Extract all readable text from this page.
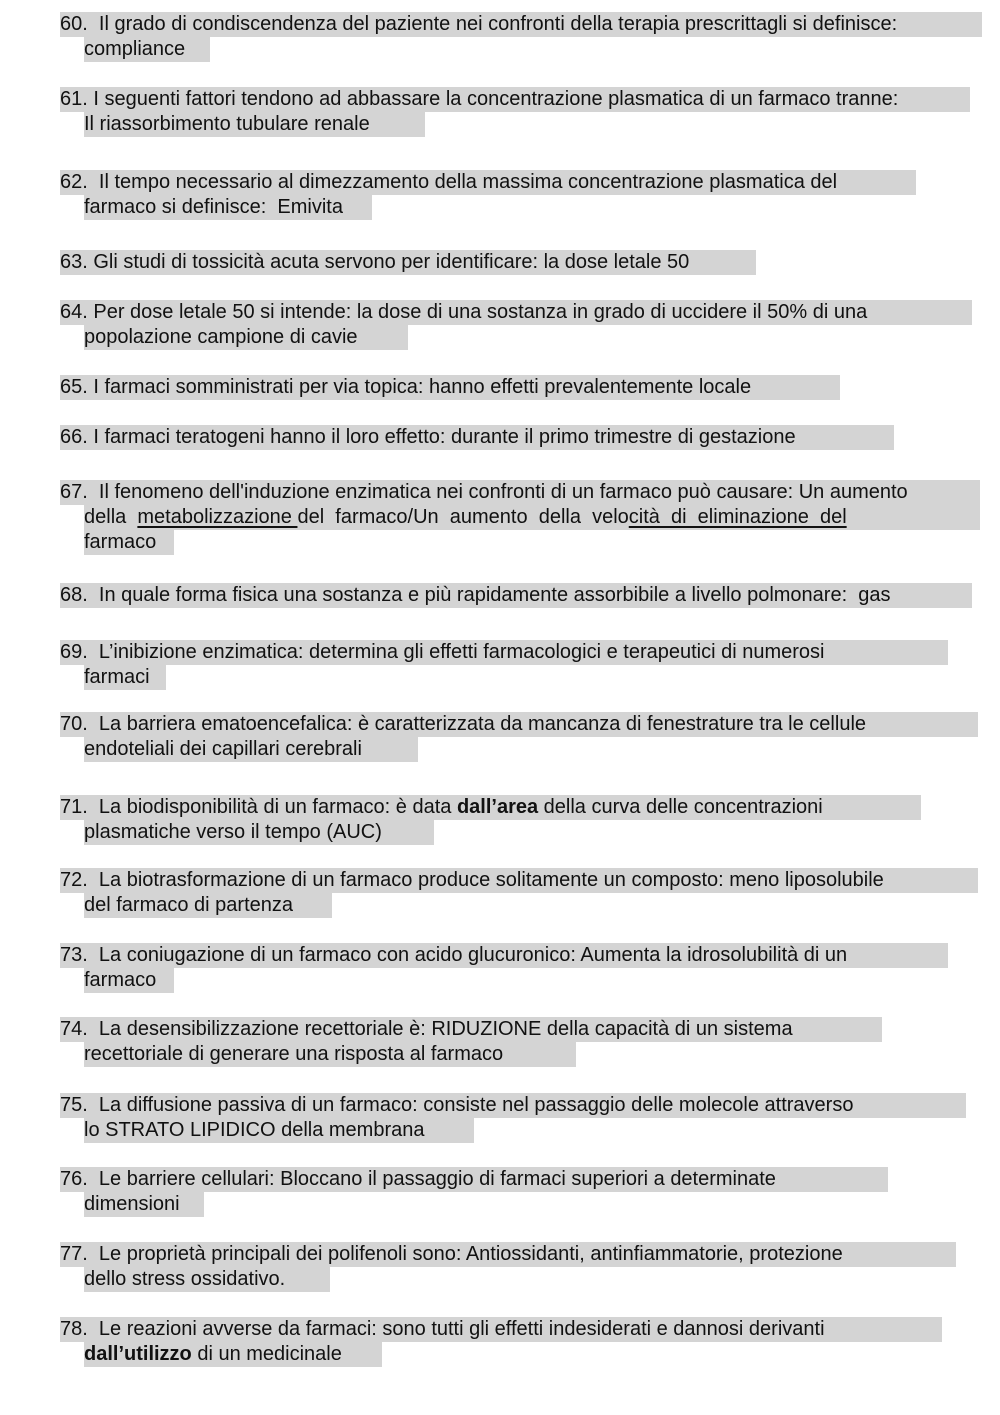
60.  Il grado di condiscendenza del paziente nei confronti della terapia prescrittagli si definisce:
compliance
61. I seguenti fattori tendono ad abbassare la concentrazione plasmatica di un farmaco tranne:
Il riassorbimento tubulare renale
62.  Il tempo necessario al dimezzamento della massima concentrazione plasmatica del
farmaco si definisce:  Emivita
63. Gli studi di tossicità acuta servono per identificare: la dose letale 50
64. Per dose letale 50 si intende: la dose di una sostanza in grado di uccidere il 50% di una
popolazione campione di cavie
65. I farmaci somministrati per via topica: hanno effetti prevalentemente locale
66. I farmaci teratogeni hanno il loro effetto: durante il primo trimestre di gestazione
67.  Il fenomeno dell'induzione enzimatica nei confronti di un farmaco può causare: Un aumento
della  metabolizzazione del  farmaco/Un  aumento  della  velocità  di  eliminazione  del
farmaco
68.  In quale forma fisica una sostanza e più rapidamente assorbibile a livello polmonare:  gas
69.  L’inibizione enzimatica: determina gli effetti farmacologici e terapeutici di numerosi
farmaci
70.  La barriera ematoencefalica: è caratterizzata da mancanza di fenestrature tra le cellule
endoteliali dei capillari cerebrali
71.  La biodisponibilità di un farmaco: è data dall’area della curva delle concentrazioni
plasmatiche verso il tempo (AUC)
72.  La biotrasformazione di un farmaco produce solitamente un composto: meno liposolubile
del farmaco di partenza
73.  La coniugazione di un farmaco con acido glucuronico: Aumenta la idrosolubilità di un
farmaco
74.  La desensibilizzazione recettoriale è: RIDUZIONE della capacità di un sistema
recettoriale di generare una risposta al farmaco
75.  La diffusione passiva di un farmaco: consiste nel passaggio delle molecole attraverso
lo STRATO LIPIDICO della membrana
76.  Le barriere cellulari: Bloccano il passaggio di farmaci superiori a determinate
dimensioni
77.  Le proprietà principali dei polifenoli sono: Antiossidanti, antinfiammatorie, protezione
dello stress ossidativo.
78.  Le reazioni avverse da farmaci: sono tutti gli effetti indesiderati e dannosi derivanti
dall’utilizzo di un medicinale
